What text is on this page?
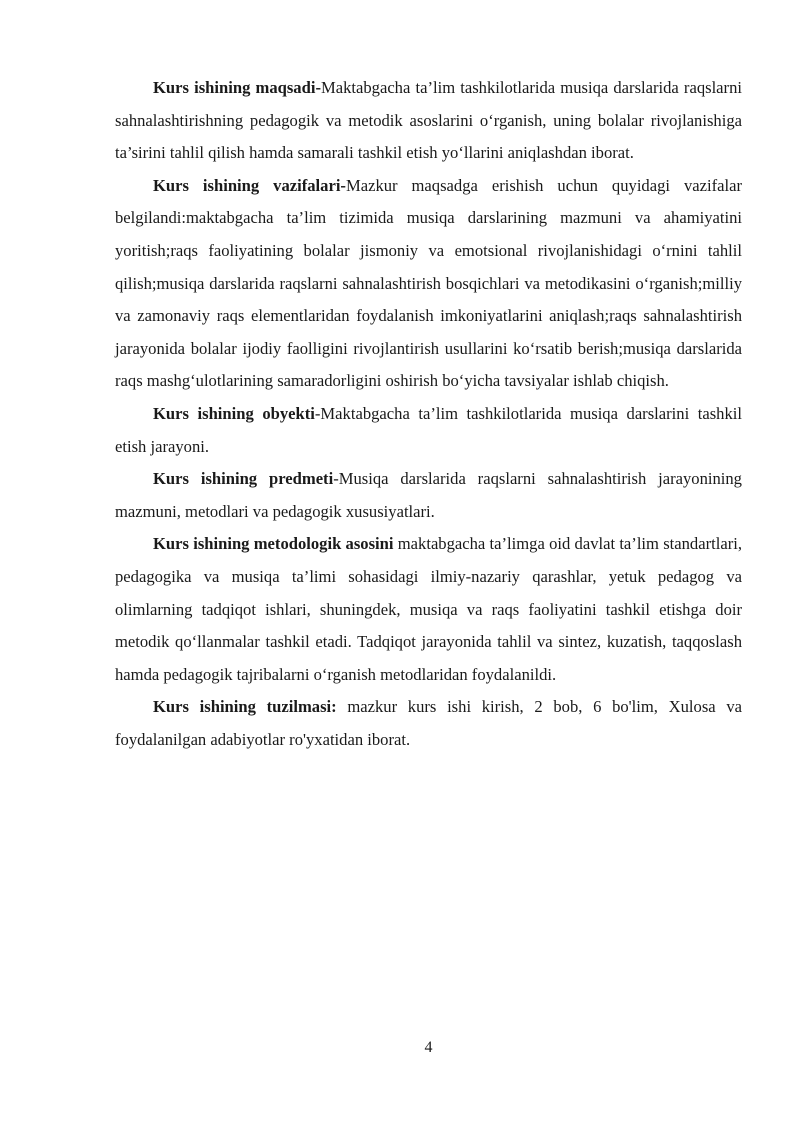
Kurs ishining maqsadi-Maktabgacha ta’lim tashkilotlarida musiqa darslarida raqslarni sahnalashtirishning pedagogik va metodik asoslarini o‘rganish, uning bolalar rivojlanishiga ta’sirini tahlil qilish hamda samarali tashkil etish yo‘llarini aniqlashdan iborat.

Kurs ishining vazifalari-Mazkur maqsadga erishish uchun quyidagi vazifalar belgilandi:maktabgacha ta’lim tizimida musiqa darslarining mazmuni va ahamiyatini yoritish;raqs faoliyatining bolalar jismoniy va emotsional rivojlanishidagi o‘rnini tahlil qilish;musiqa darslarida raqslarni sahnalashtirish bosqichlari va metodikasini o‘rganish;milliy va zamonaviy raqs elementlaridan foydalanish imkoniyatlarini aniqlash;raqs sahnalashtirish jarayonida bolalar ijodiy faolligini rivojlantirish usullarini ko‘rsatib berish;musiqa darslarida raqs mashg‘ulotlarining samaradorligini oshirish bo‘yicha tavsiyalar ishlab chiqish.

Kurs ishining obyekti-Maktabgacha ta’lim tashkilotlarida musiqa darslarini tashkil etish jarayoni.

Kurs ishining predmeti-Musiqa darslarida raqslarni sahnalashtirish jarayonining mazmuni, metodlari va pedagogik xususiyatlari.

Kurs ishining metodologik asosini maktabgacha ta’limga oid davlat ta’lim standartlari, pedagogika va musiqa ta’limi sohasidagi ilmiy-nazariy qarashlar, yetuk pedagog va olimlarning tadqiqot ishlari, shuningdek, musiqa va raqs faoliyatini tashkil etishga doir metodik qo‘llanmalar tashkil etadi. Tadqiqot jarayonida tahlil va sintez, kuzatish, taqqoslash hamda pedagogik tajribalarni o‘rganish metodlaridan foydalanildi.

Kurs ishining tuzilmasi: mazkur kurs ishi kirish, 2 bob, 6 bo'lim, Xulosa va foydalanilgan adabiyotlar ro'yxatidan iborat.

4
